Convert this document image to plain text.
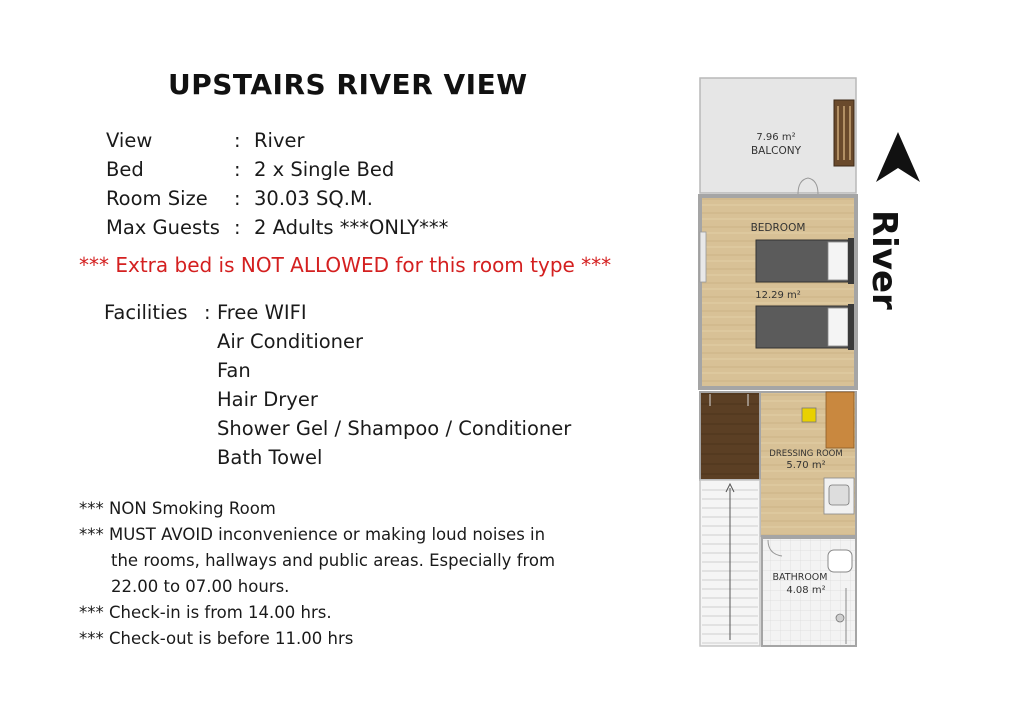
UPSTAIRS RIVER VIEW
View	: River
Bed	: 2 x Single Bed
Room Size : 30.03 SQ.M.
Max Guests : 2 Adults ***ONLY***
*** Extra bed is NOT ALLOWED for this room type ***
Facilities : Free WIFI
Air Conditioner
Fan
Hair Dryer
Shower Gel / Shampoo / Conditioner
Bath Towel
*** NON Smoking Room
*** MUST AVOID inconvenience or making loud noises in
the rooms, hallways and public areas. Especially from
22.00 to 07.00 hours.
*** Check-in is from 14.00 hrs.
*** Check-out is before 11.00 hrs
7.96 m²
BALCONY
BEDROOM
12.29 m²
DRESSING ROOM
5.70 m²
BATHROOM
4.08 m²
River
